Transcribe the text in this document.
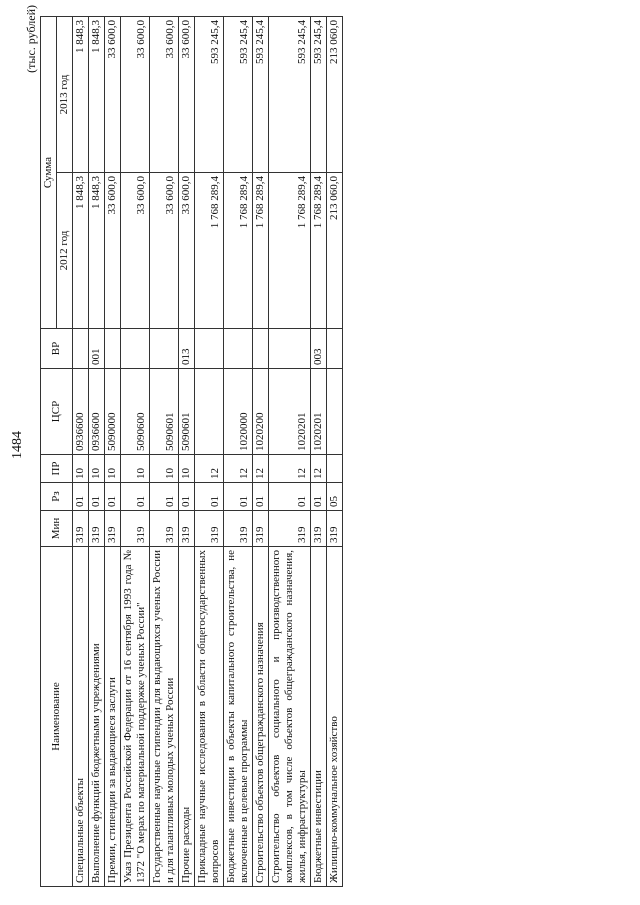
1484
(тыс. рублей)
Наименование	Мин	Рз	ПР	ЦСР	ВР	Сумма	
						2012 год	2013 год
Специальные объекты	319	01	10	0936600		1 848,3	1 848,3
Выполнение функций бюджетными учреждениями	319	01	10	0936600	001	1 848,3	1 848,3
Премии, стипендии за выдающиеся заслуги	319	01	10	5090000		33 600,0	33 600,0
Указ Президента Российской Федерации от 16 сентября 1993 года № 1372 "О мерах по материальной поддержке ученых России"	319	01	10	5090600		33 600,0	33 600,0
Государственные научные стипендии для выдающихся ученых России и для талантливых молодых ученых России	319	01	10	5090601		33 600,0	33 600,0
Прочие расходы	319	01	10	5090601	013	33 600,0	33 600,0
Прикладные научные исследования в области общегосударственных вопросов	319	01	12			1 768 289,4	593 245,4
Бюджетные инвестиции в объекты капитального строительства, не включенные в целевые программы	319	01	12	1020000		1 768 289,4	593 245,4
Строительство объектов общегражданского назначения	319	01	12	1020200		1 768 289,4	593 245,4
Строительство объектов социального и производственного комплексов, в том числе объектов общегражданского назначения, жилья, инфраструктуры	319	01	12	1020201		1 768 289,4	593 245,4
Бюджетные инвестиции	319	01	12	1020201	003	1 768 289,4	593 245,4
Жилищно-коммунальное хозяйство	319	05				213 060,0	213 060,0
